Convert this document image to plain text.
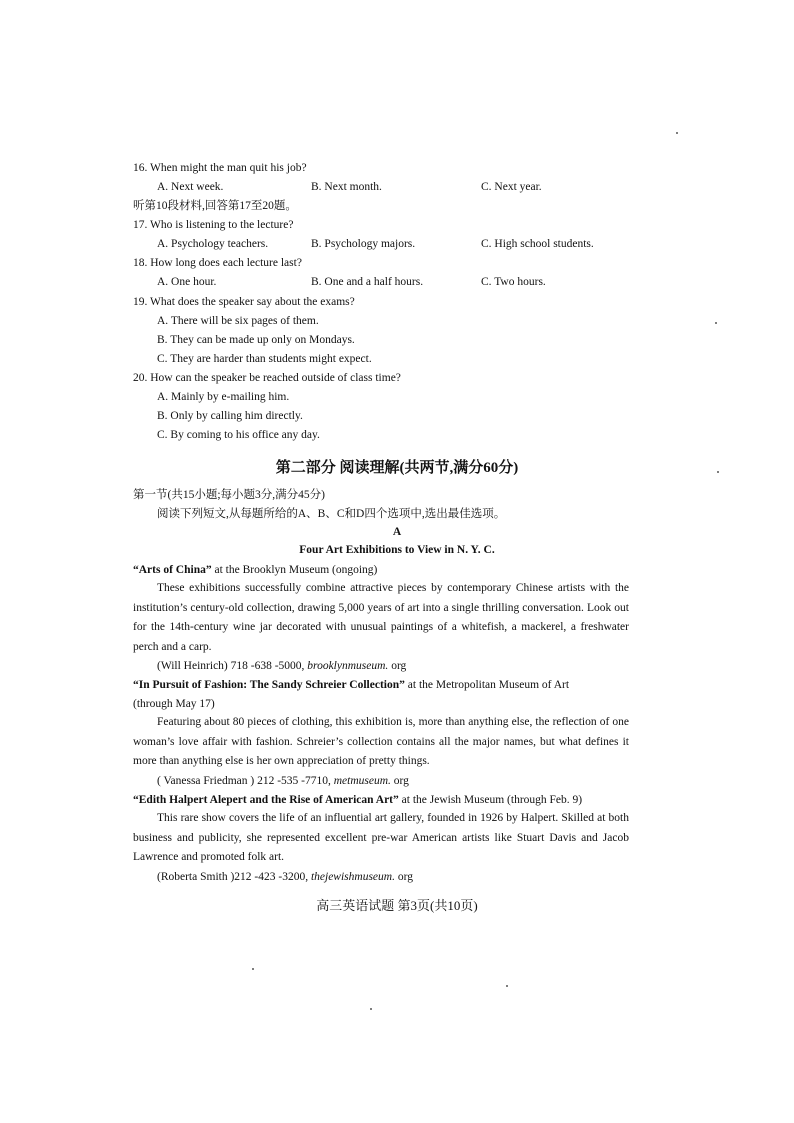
16. When might the man quit his job?
A. Next week.	B. Next month.	C. Next year.
听第10段材料,回答第17至20题。
17. Who is listening to the lecture?
A. Psychology teachers.	B. Psychology majors.	C. High school students.
18. How long does each lecture last?
A. One hour.	B. One and a half hours.	C. Two hours.
19. What does the speaker say about the exams?
A. There will be six pages of them.
B. They can be made up only on Mondays.
C. They are harder than students might expect.
20. How can the speaker be reached outside of class time?
A. Mainly by e-mailing him.
B. Only by calling him directly.
C. By coming to his office any day.
第二部分 阅读理解(共两节,满分60分)
第一节(共15小题;每小题3分,满分45分)
阅读下列短文,从每题所给的A、B、C和D四个选项中,选出最佳选项。
A
Four Art Exhibitions to View in N. Y. C.
“Arts of China” at the Brooklyn Museum (ongoing)
These exhibitions successfully combine attractive pieces by contemporary Chinese artists with the institution’s century-old collection, drawing 5,000 years of art into a single thrilling conversation. Look out for the 14th-century wine jar decorated with unusual paintings of a whitefish, a mackerel, a freshwater perch and a carp.
(Will Heinrich) 718 -638 -5000, brooklynmuseum. org
“In Pursuit of Fashion: The Sandy Schreier Collection” at the Metropolitan Museum of Art
(through May 17)
Featuring about 80 pieces of clothing, this exhibition is, more than anything else, the reflection of one woman’s love affair with fashion. Schreier’s collection contains all the major names, but what defines it more than anything else is her own appreciation of pretty things.
( Vanessa Friedman ) 212 -535 -7710, metmuseum. org
“Edith Halpert Alepert and the Rise of American Art” at the Jewish Museum (through Feb. 9)
This rare show covers the life of an influential art gallery, founded in 1926 by Halpert. Skilled at both business and publicity, she represented excellent pre-war American artists like Stuart Davis and Jacob Lawrence and promoted folk art.
(Roberta Smith )212 -423 -3200, thejewishmuseum. org
高三英语试题 第3页(共10页)
